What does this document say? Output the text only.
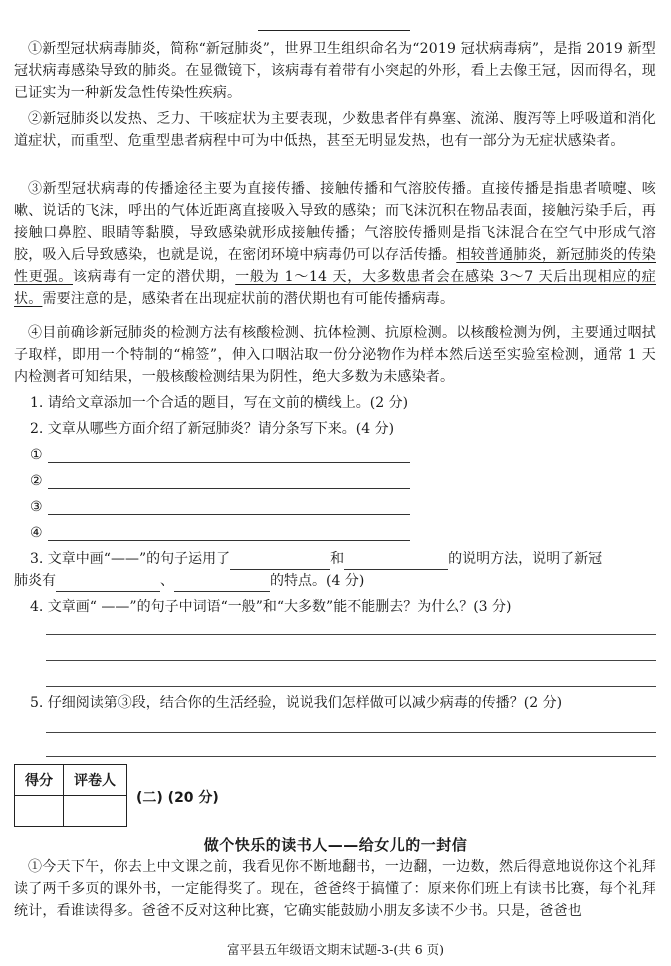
①新型冠状病毒肺炎，简称“新冠肺炎”，世界卫生组织命名为“2019 冠状病毒病”，是指 2019 新型冠状病毒感染导致的肺炎。在显微镜下，该病毒有着带有小突起的外形，看上去像王冠，因而得名，现已证实为一种新发急性传染性疾病。
②新冠肺炎以发热、乏力、干咳症状为主要表现，少数患者伴有鼻塞、流涕、腹泻等上呼吸道和消化道症状，而重型、危重型患者病程中可为中低热，甚至无明显发热，也有一部分为无症状感染者。
③新型冠状病毒的传播途径主要为直接传播、接触传播和气溶胶传播。直接传播是指患者喷嚏、咳嗽、说话的飞沫，呼出的气体近距离直接吸入导致的感染；而飞沫沉积在物品表面，接触污染手后，再接触口鼻腔、眼睛等黏膜，导致感染就形成接触传播；气溶胶传播则是指飞沫混合在空气中形成气溶胶，吸入后导致感染，也就是说，在密闭环境中病毒仍可以存活传播。相较普通肺炎，新冠肺炎的传染性更强。该病毒有一定的潜伏期，一般为 1～14 天，大多数患者会在感染 3～7 天后出现相应的症状。需要注意的是，感染者在出现症状前的潜伏期也有可能传播病毒。
④目前确诊新冠肺炎的检测方法有核酸检测、抗体检测、抗原检测。以核酸检测为例，主要通过咽拭子取样，即用一个特制的“棉签”，伸入口咽沾取一份分泌物作为样本然后送至实验室检测，通常 1 天内检测者可知结果，一般核酸检测结果为阴性，绝大多数为未感染者。
1. 请给文章添加一个合适的题目，写在文前的横线上。(2 分)
2. 文章从哪些方面介绍了新冠肺炎？请分条写下来。(4 分)
①
②
③
④
3. 文章中画“——”的句子运用了	和	的说明方法，说明了新冠
肺炎有	、	的特点。(4 分)
4. 文章画“ ——”的句子中词语“一般”和“大多数”能不能删去？为什么？(3 分)
5. 仔细阅读第③段，结合你的生活经验，说说我们怎样做可以减少病毒的传播？(2 分)
得分	评卷人

(二) (20 分)
做个快乐的读书人——给女儿的一封信
①今天下午，你去上中文课之前，我看见你不断地翻书，一边翻，一边数，然后得意地说你这个礼拜读了两千多页的课外书，一定能得奖了。现在，爸爸终于搞懂了：原来你们班上有读书比赛，每个礼拜统计，看谁读得多。爸爸不反对这种比赛，它确实能鼓励小朋友多读不少书。只是，爸爸也
富平县五年级语文期末试题-3-(共 6 页)
